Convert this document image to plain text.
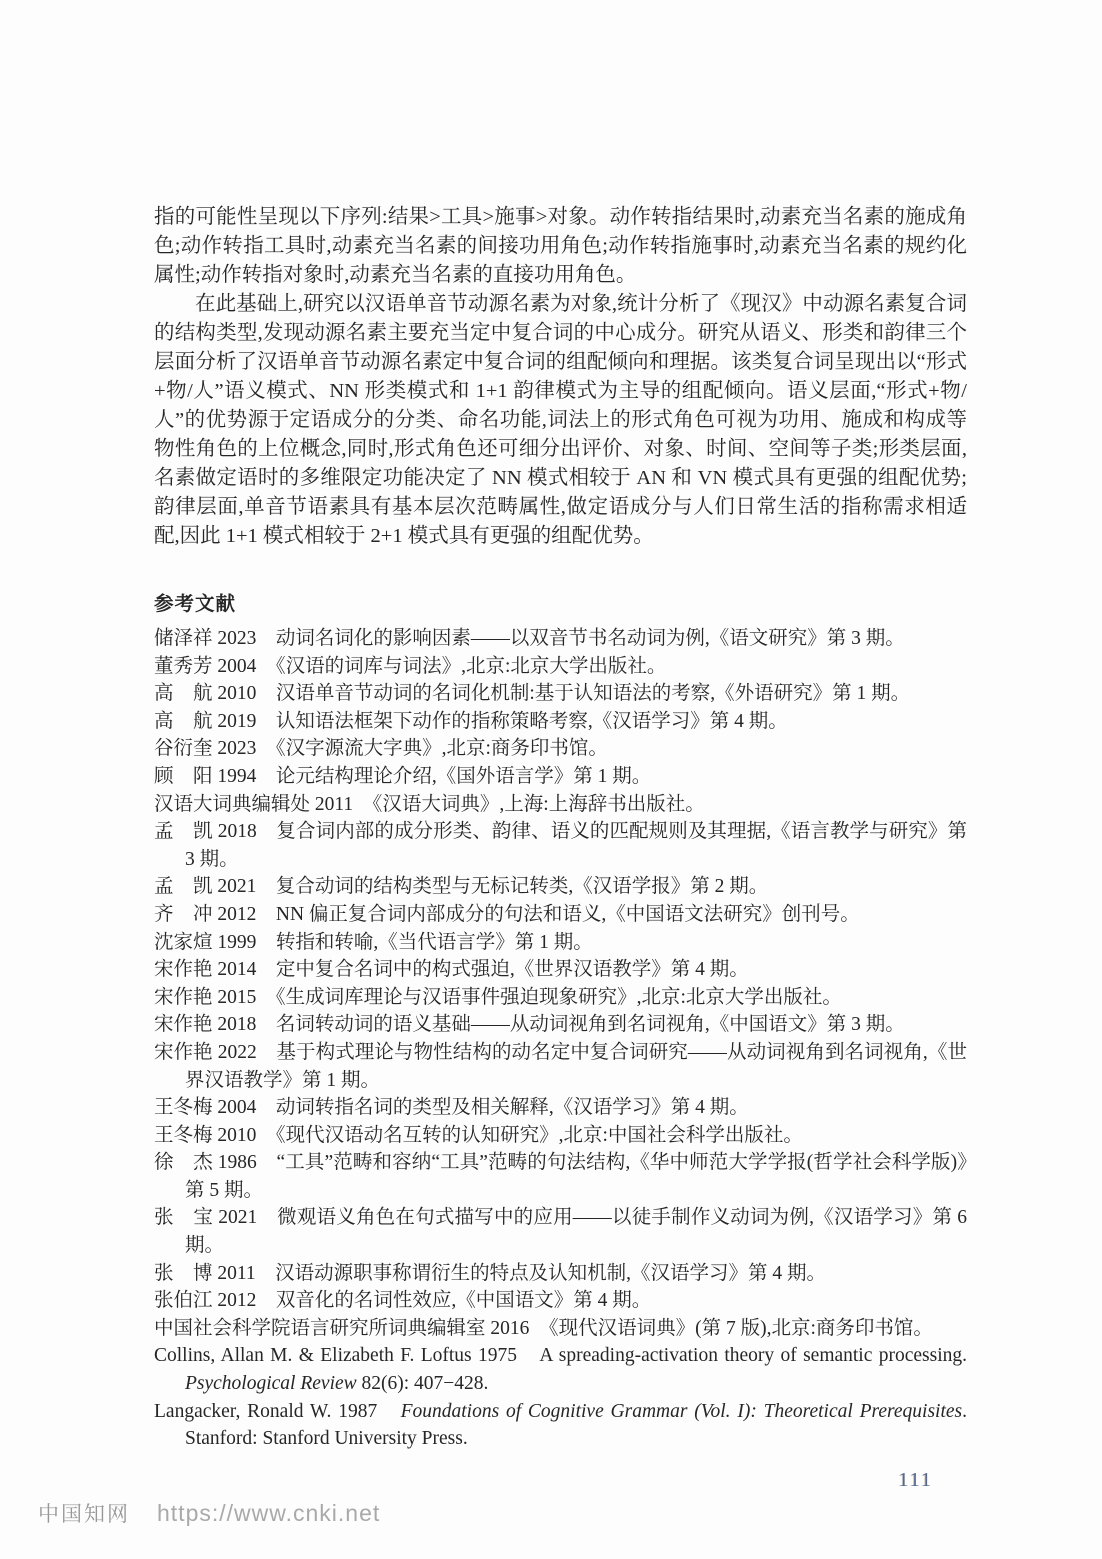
指的可能性呈现以下序列:结果>工具>施事>对象。动作转指结果时,动素充当名素的施成角色;动作转指工具时,动素充当名素的间接功用角色;动作转指施事时,动素充当名素的规约化属性;动作转指对象时,动素充当名素的直接功用角色。

在此基础上,研究以汉语单音节动源名素为对象,统计分析了《现汉》中动源名素复合词的结构类型,发现动源名素主要充当定中复合词的中心成分。研究从语义、形类和韵律三个层面分析了汉语单音节动源名素定中复合词的组配倾向和理据。该类复合词呈现出以“形式+物/人”语义模式、NN 形类模式和 1+1 韵律模式为主导的组配倾向。语义层面,“形式+物/人”的优势源于定语成分的分类、命名功能,词法上的形式角色可视为功用、施成和构成等物性角色的上位概念,同时,形式角色还可细分出评价、对象、时间、空间等子类;形类层面,名素做定语时的多维限定功能决定了 NN 模式相较于 AN 和 VN 模式具有更强的组配优势;韵律层面,单音节语素具有基本层次范畴属性,做定语成分与人们日常生活的指称需求相适配,因此 1+1 模式相较于 2+1 模式具有更强的组配优势。

参考文献
储泽祥 2023　动词名词化的影响因素——以双音节书名动词为例,《语文研究》第 3 期。
董秀芳 2004　《汉语的词库与词法》,北京:北京大学出版社。
高　航 2010　汉语单音节动词的名词化机制:基于认知语法的考察,《外语研究》第 1 期。
高　航 2019　认知语法框架下动作的指称策略考察,《汉语学习》第 4 期。
谷衍奎 2023　《汉字源流大字典》,北京:商务印书馆。
顾　阳 1994　论元结构理论介绍,《国外语言学》第 1 期。
汉语大词典编辑处 2011　《汉语大词典》,上海:上海辞书出版社。
孟　凯 2018　复合词内部的成分形类、韵律、语义的匹配规则及其理据,《语言教学与研究》第 3 期。
孟　凯 2021　复合动词的结构类型与无标记转类,《汉语学报》第 2 期。
齐　冲 2012　NN 偏正复合词内部成分的句法和语义,《中国语文法研究》创刊号。
沈家煊 1999　转指和转喻,《当代语言学》第 1 期。
宋作艳 2014　定中复合名词中的构式强迫,《世界汉语教学》第 4 期。
宋作艳 2015　《生成词库理论与汉语事件强迫现象研究》,北京:北京大学出版社。
宋作艳 2018　名词转动词的语义基础——从动词视角到名词视角,《中国语文》第 3 期。
宋作艳 2022　基于构式理论与物性结构的动名定中复合词研究——从动词视角到名词视角,《世界汉语教学》第 1 期。
王冬梅 2004　动词转指名词的类型及相关解释,《汉语学习》第 4 期。
王冬梅 2010　《现代汉语动名互转的认知研究》,北京:中国社会科学出版社。
徐　杰 1986　“工具”范畴和容纳“工具”范畴的句法结构,《华中师范大学学报(哲学社会科学版)》第 5 期。
张　宝 2021　微观语义角色在句式描写中的应用——以徒手制作义动词为例,《汉语学习》第 6 期。
张　博 2011　汉语动源职事称谓衍生的特点及认知机制,《汉语学习》第 4 期。
张伯江 2012　双音化的名词性效应,《中国语文》第 4 期。
中国社会科学院语言研究所词典编辑室 2016　《现代汉语词典》(第 7 版),北京:商务印书馆。
Collins, Allan M. & Elizabeth F. Loftus 1975　A spreading-activation theory of semantic processing. Psychological Review 82(6): 407−428.
Langacker, Ronald W. 1987　Foundations of Cognitive Grammar (Vol. I): Theoretical Prerequisites. Stanford: Stanford University Press.
111
中国知网 https://www.cnki.net
